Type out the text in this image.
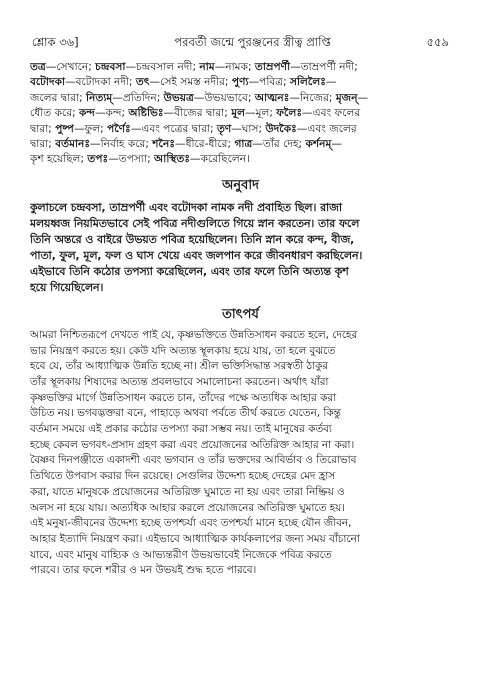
শ্লোক ৩৬]	পরবর্তী জন্মে পুরঞ্জনের স্ত্রীত্ব প্রাপ্তি	৫৫৯
তত্র—সেখানে; চন্দ্রবসা—চন্দ্রবসাল নদী; নাম—নামক; তাম্রপর্ণী—তাম্রপর্ণী নদী;
বটোদকা—বটোদকা নদী; তৎ—সেই সমস্ত নদীর; পুণ্য—পবিত্র; সলিলৈঃ—
জলের দ্বারা; নিত্যম্—প্রতিদিন; উভয়ত্র—উভয়ভাবে; আত্মনঃ—নিজের; মৃজন্—
ধৌত করে; কন্দ—কন্দ; অষ্টিভিঃ—বীজের দ্বারা; মূল—মূল; ফলৈঃ—এবং ফলের
দ্বারা; পুষ্প—ফুল; পর্ণৈঃ—এবং পত্রের দ্বারা; তৃণ—ঘাস; উদকৈঃ—এবং জলের
দ্বারা; বর্তমানঃ—নির্বাহ করে; শনৈঃ—ধীরে-ধীরে; গাত্র—তাঁর দেহ; কর্শনম্—
কৃশ হয়েছিল; তপঃ—তপস্যা; আস্থিতঃ—করেছিলেন।
অনুবাদ
কুলাচলে চন্দ্রবসা, তাম্রপর্ণী এবং বটোদকা নামক নদী প্রবাহিত ছিল। রাজা
মলয়ধ্বজ নিয়মিতভাবে সেই পবিত্র নদীগুলিতে গিয়ে স্নান করতেন। তার ফলে
তিনি অন্তরে ও বাইরে উভয়ত পবিত্র হয়েছিলেন। তিনি স্নান করে কন্দ, বীজ,
পাতা, ফুল, মূল, ফল ও ঘাস খেয়ে এবং জলপান করে জীবনধারণ করছিলেন।
এইভাবে তিনি কঠোর তপস্যা করেছিলেন, এবং তার ফলে তিনি অত্যন্ত কৃশ
হয়ে গিয়েছিলেন।
তাৎপর্য
আমরা নিশ্চিতরূপে দেখতে পাই যে, কৃষ্ণভক্তিতে উন্নতিসাধন করতে হলে, দেহের
ভার নিয়ন্ত্রণ করতে হয়। কেউ যদি অত্যন্ত স্থূলকায় হয়ে যায়, তা হলে বুঝতে
হবে যে, তাঁর আধ্যাত্মিক উন্নতি হচ্ছে না। শ্রীল ভক্তিসিদ্ধান্ত সরস্বতী ঠাকুর
তাঁর স্থূলকায় শিষ্যদের অত্যন্ত প্রবলভাবে সমালোচনা করতেন। অর্থাৎ যাঁরা
কৃষ্ণভক্তির মার্গে উন্নতিসাধন করতে চান, তাঁদের পক্ষে অত্যধিক আহার করা
উচিত নয়। ভগবদ্ভক্তরা বনে, পাহাড়ে অথবা পর্বতে তীর্থ করতে যেতেন, কিন্তু
বর্তমান সময়ে এই প্রকার কঠোর তপস্যা করা সম্ভব নয়। তাই মানুষের কর্তব্য
হচ্ছে কেবল ভগবৎ-প্রসাদ গ্রহণ করা এবং প্রয়োজনের অতিরিক্ত আহার না করা।
বৈষ্ণব দিনপঞ্জীতে একাদশী এবং ভগবান ও তাঁর ভক্তদের আবির্ভাব ও তিরোভাব
তিথিতে উপবাস করার দিন রয়েছে। সেগুলির উদ্দেশ্য হচ্ছে দেহের মেদ হ্রাস
করা, যাতে মানুষকে প্রয়োজনের অতিরিক্ত ঘুমাতে না হয় এবং তারা নিষ্ক্রিয় ও
অলস না হয়ে যায়। অত্যধিক আহার করলে প্রয়োজনের অতিরিক্ত ঘুমাতে হয়।
এই মনুষ্য-জীবনের উদ্দেশ্য হচ্ছে তপশ্চর্যা এবং তপশ্চর্যা মানে হচ্ছে যৌন জীবন,
আহার ইত্যাদি নিয়ন্ত্রণ করা। এইভাবে আধ্যাত্মিক কার্যকলাপের জন্য সময় বাঁচানো
যাবে, এবং মানুষ বাহ্যিক ও আভ্যন্তরীণ উভয়ভাবেই নিজেকে পবিত্র করতে
পারবে। তার ফলে শরীর ও মন উভয়ই শুদ্ধ হতে পারবে।
